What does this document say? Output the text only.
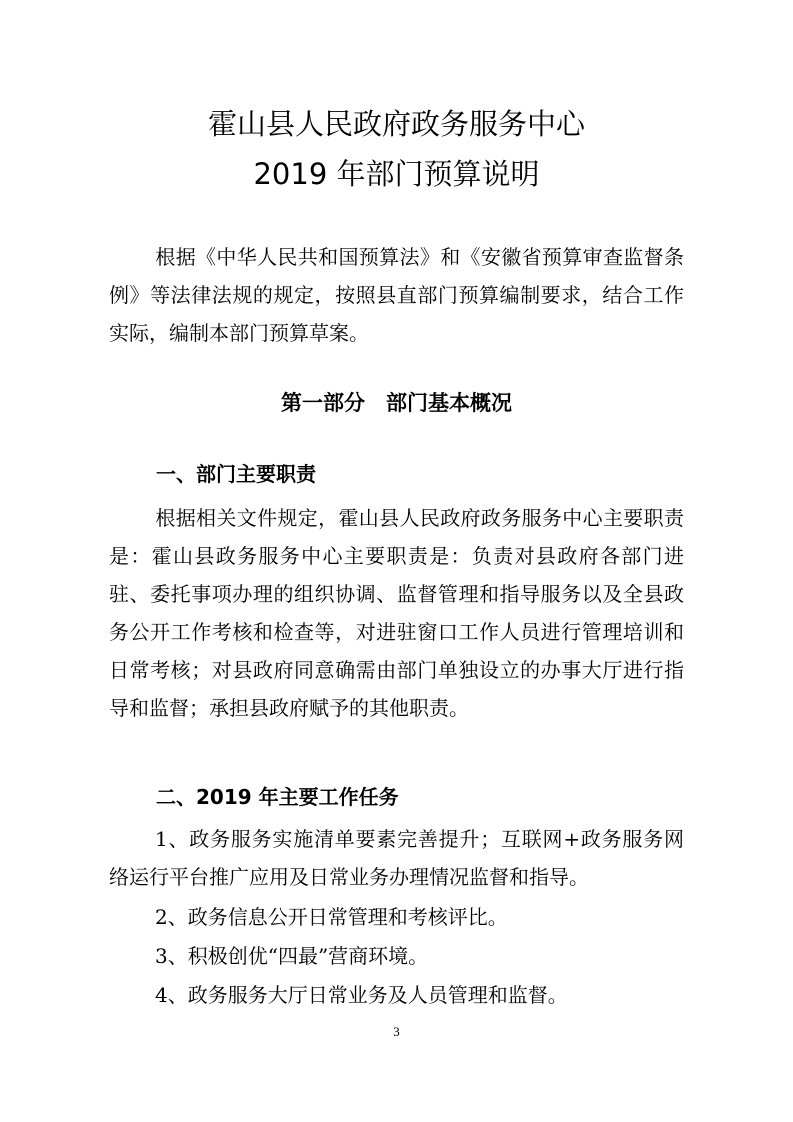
霍山县人民政府政务服务中心
2019 年部门预算说明

根据《中华人民共和国预算法》和《安徽省预算审查监督条例》等法律法规的规定，按照县直部门预算编制要求，结合工作实际，编制本部门预算草案。

第一部分　部门基本概况
一、部门主要职责

根据相关文件规定，霍山县人民政府政务服务中心主要职责是：霍山县政务服务中心主要职责是：负责对县政府各部门进驻、委托事项办理的组织协调、监督管理和指导服务以及全县政务公开工作考核和检查等，对进驻窗口工作人员进行管理培训和日常考核；对县政府同意确需由部门单独设立的办事大厅进行指导和监督；承担县政府赋予的其他职责。

二、2019 年主要工作任务

1、政务服务实施清单要素完善提升；互联网+政务服务网络运行平台推广应用及日常业务办理情况监督和指导。

2、政务信息公开日常管理和考核评比。

3、积极创优“四最”营商环境。

4、政务服务大厅日常业务及人员管理和监督。

3
